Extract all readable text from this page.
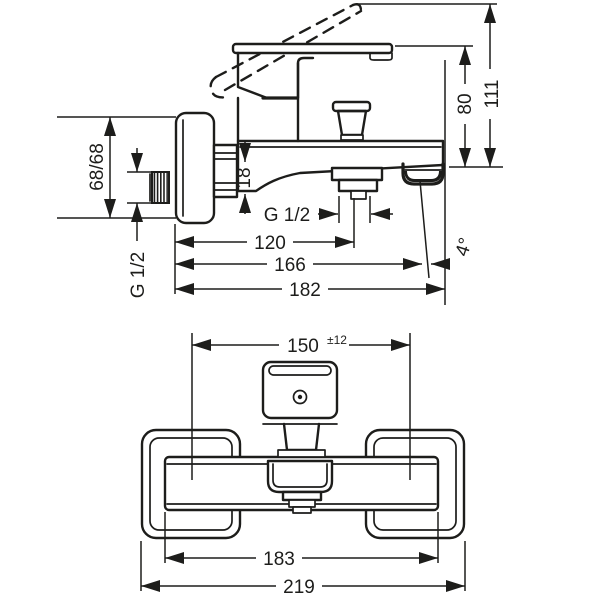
111
80
68/68
G 1/2
18
G 1/2
120
166
182
4°
150 ±12
183
219
